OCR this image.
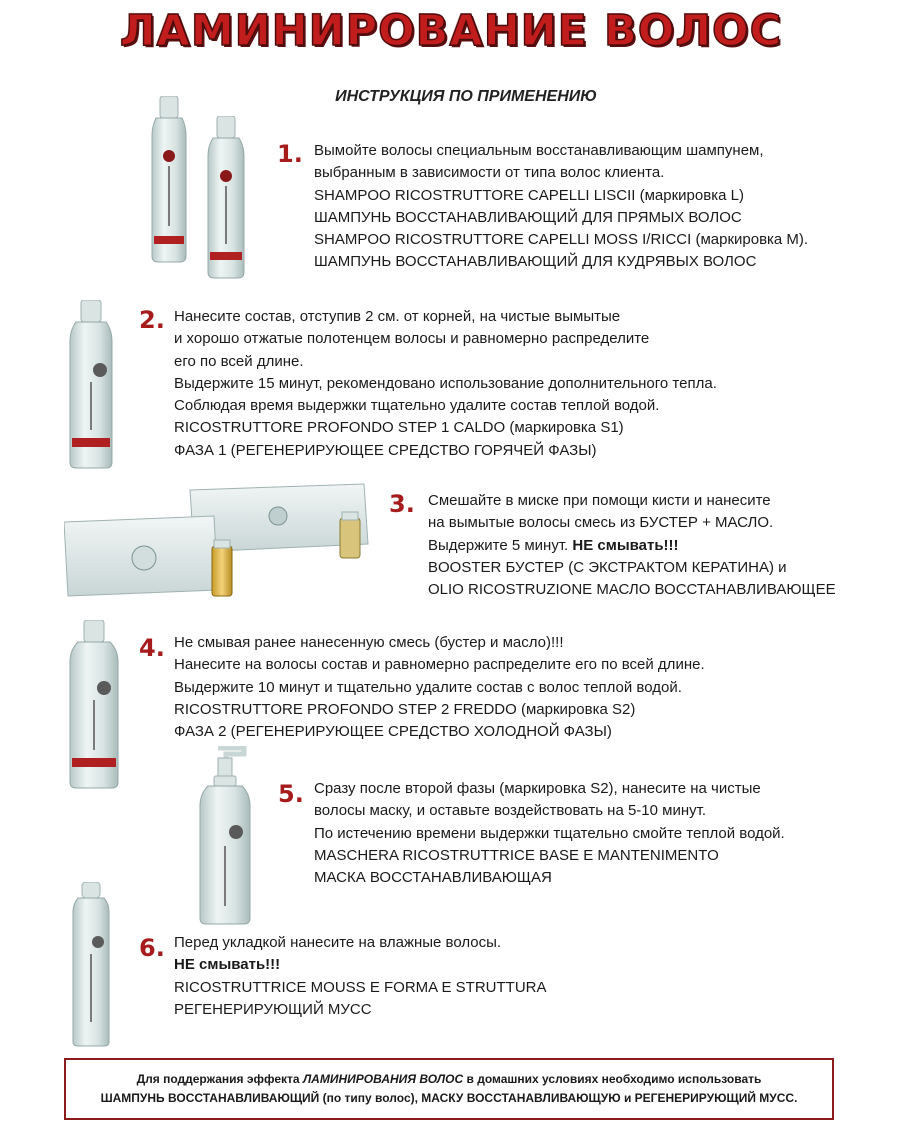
ЛАМИНИРОВАНИЕ ВОЛОС
ИНСТРУКЦИЯ ПО ПРИМЕНЕНИЮ
1. Вымойте волосы специальным восстанавливающим шампунем,
выбранным в зависимости от типа волос клиента.
SHAMPOO RICOSTRUTTORE CAPELLI LISCII (маркировка L)
ШАМПУНЬ ВОССТАНАВЛИВАЮЩИЙ ДЛЯ ПРЯМЫХ ВОЛОС
SHAMPOO RICOSTRUTTORE CAPELLI MOSS I/RICCI (маркировка M).
ШАМПУНЬ ВОССТАНАВЛИВАЮЩИЙ ДЛЯ КУДРЯВЫХ ВОЛОС
2. Нанесите состав, отступив 2 см. от корней, на чистые вымытые
и хорошо отжатые полотенцем волосы и равномерно распределите
его по всей длине.
Выдержите 15 минут, рекомендовано использование дополнительного тепла.
Соблюдая время выдержки тщательно удалите состав теплой водой.
RICOSTRUTTORE PROFONDO STEP 1 CALDO (маркировка S1)
ФАЗА 1 (РЕГЕНЕРИРУЮЩЕЕ СРЕДСТВО ГОРЯЧЕЙ ФАЗЫ)
3. Смешайте в миске при помощи кисти и нанесите
на вымытые волосы смесь из БУСТЕР + МАСЛО.
Выдержите 5 минут. НЕ смывать!!!
BOOSTER БУСТЕР (С ЭКСТРАКТОМ КЕРАТИНА) и
OLIO RICOSTRUZIONE МАСЛО ВОССТАНАВЛИВАЮЩЕЕ
4. Не смывая ранее нанесенную смесь (бустер и масло)!!!
Нанесите на волосы состав и равномерно распределите его по всей длине.
Выдержите 10 минут и тщательно удалите состав с волос теплой водой.
RICOSTRUTTORE PROFONDO STEP 2 FREDDO (маркировка S2)
ФАЗА 2 (РЕГЕНЕРИРУЮЩЕЕ СРЕДСТВО ХОЛОДНОЙ ФАЗЫ)
5. Сразу после второй фазы (маркировка S2), нанесите на чистые
волосы маску, и оставьте воздействовать на 5-10 минут.
По истечению времени выдержки тщательно смойте теплой водой.
MASCHERA RICOSTRUTTRICE BASE E MANTENIMENTO
МАСКА ВОССТАНАВЛИВАЮЩАЯ
6. Перед укладкой нанесите на влажные волосы.
НЕ смывать!!!
RICOSTRUTTRICE MOUSS E FORMA E STRUTTURA
РЕГЕНЕРИРУЮЩИЙ МУСС
Для поддержания эффекта ЛАМИНИРОВАНИЯ ВОЛОС в домашних условиях необходимо использовать
ШАМПУНЬ ВОССТАНАВЛИВАЮЩИЙ (по типу волос), МАСКУ ВОССТАНАВЛИВАЮЩУЮ и РЕГЕНЕРИРУЮЩИЙ МУСС.
